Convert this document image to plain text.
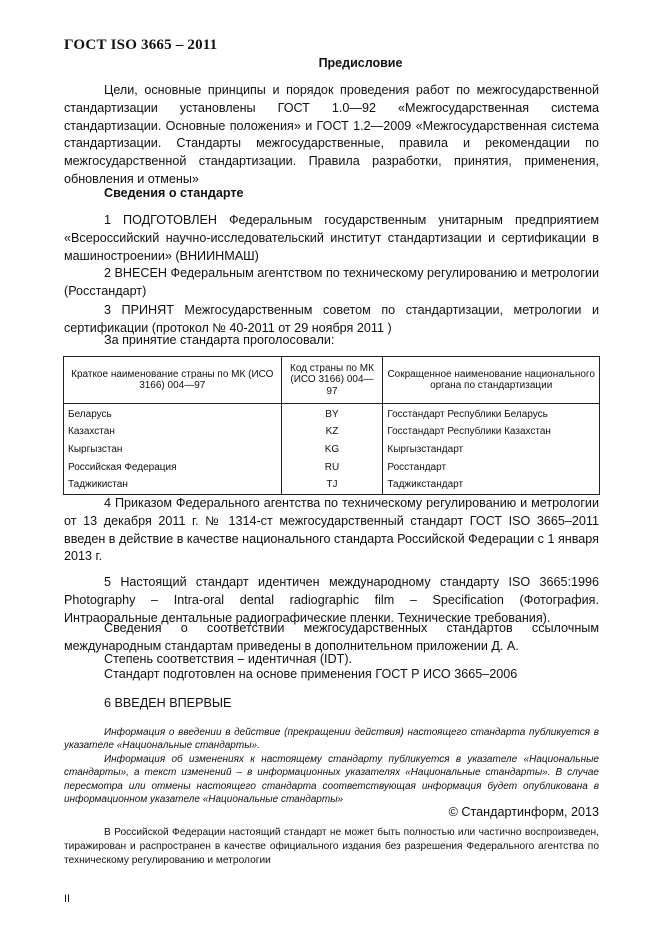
ГОСТ ISO 3665 – 2011
Предисловие

Цели, основные принципы и порядок проведения работ по межгосударственной стандартизации установлены ГОСТ 1.0—92 «Межгосударственная система стандартизации. Основные положения» и ГОСТ 1.2—2009 «Межгосударственная система стандартизации. Стандарты межгосударственные, правила и рекомендации по межгосударственной стандартизации. Правила разработки, принятия, применения, обновления и отмены»

Сведения о стандарте

1 ПОДГОТОВЛЕН Федеральным государственным унитарным предприятием «Всероссийский научно-исследовательский институт стандартизации и сертификации в машиностроении» (ВНИИНМАШ)

2 ВНЕСЕН Федеральным агентством по техническому регулированию и метрологии (Росстандарт)

3 ПРИНЯТ Межгосударственным советом по стандартизации, метрологии и сертификации (протокол № 40-2011 от 29 ноября 2011 )

За принятие стандарта проголосовали:

Краткое наименование страны по МК (ИСО 3166) 004—97	Код страны по МК (ИСО 3166) 004—97	Сокращенное наименование национального органа по стандартизации
Беларусь	BY	Госстандарт Республики Беларусь
Казахстан	KZ	Госстандарт Республики Казахстан
Кыргызстан	KG	Кыргызстандарт
Российская Федерация	RU	Росстандарт
Таджикистан	TJ	Таджикстандарт

4 Приказом Федерального агентства по техническому регулированию и метрологии от 13 декабря 2011 г. № 1314-ст межгосударственный стандарт ГОСТ ISO 3665–2011 введен в действие в качестве национального стандарта Российской Федерации с 1 января 2013 г.

5 Настоящий стандарт идентичен международному стандарту ISO 3665:1996 Photography – Intra-oral dental radiographic film – Specification (Фотография. Интраоральные дентальные радиографические пленки. Технические требования).

Сведения о соответствии межгосударственных стандартов ссылочным международным стандартам приведены в дополнительном приложении Д. А.

Степень соответствия – идентичная (IDT).

Стандарт подготовлен на основе применения ГОСТ Р ИСО 3665–2006

6 ВВЕДЕН ВПЕРВЫЕ

Информация о введении в действие (прекращении действия) настоящего стандарта публикуется в указателе «Национальные стандарты».

Информация об изменениях к настоящему стандарту публикуется в указателе «Национальные стандарты», а текст изменений – в информационных указателях «Национальные стандарты». В случае пересмотра или отмены настоящего стандарта соответствующая информация будет опубликована в информационном указателе «Национальные стандарты»

© Стандартинформ, 2013

В Российской Федерации настоящий стандарт не может быть полностью или частично воспроизведен, тиражирован и распространен в качестве официального издания без разрешения Федерального агентства по техническому регулированию и метрологии

II
